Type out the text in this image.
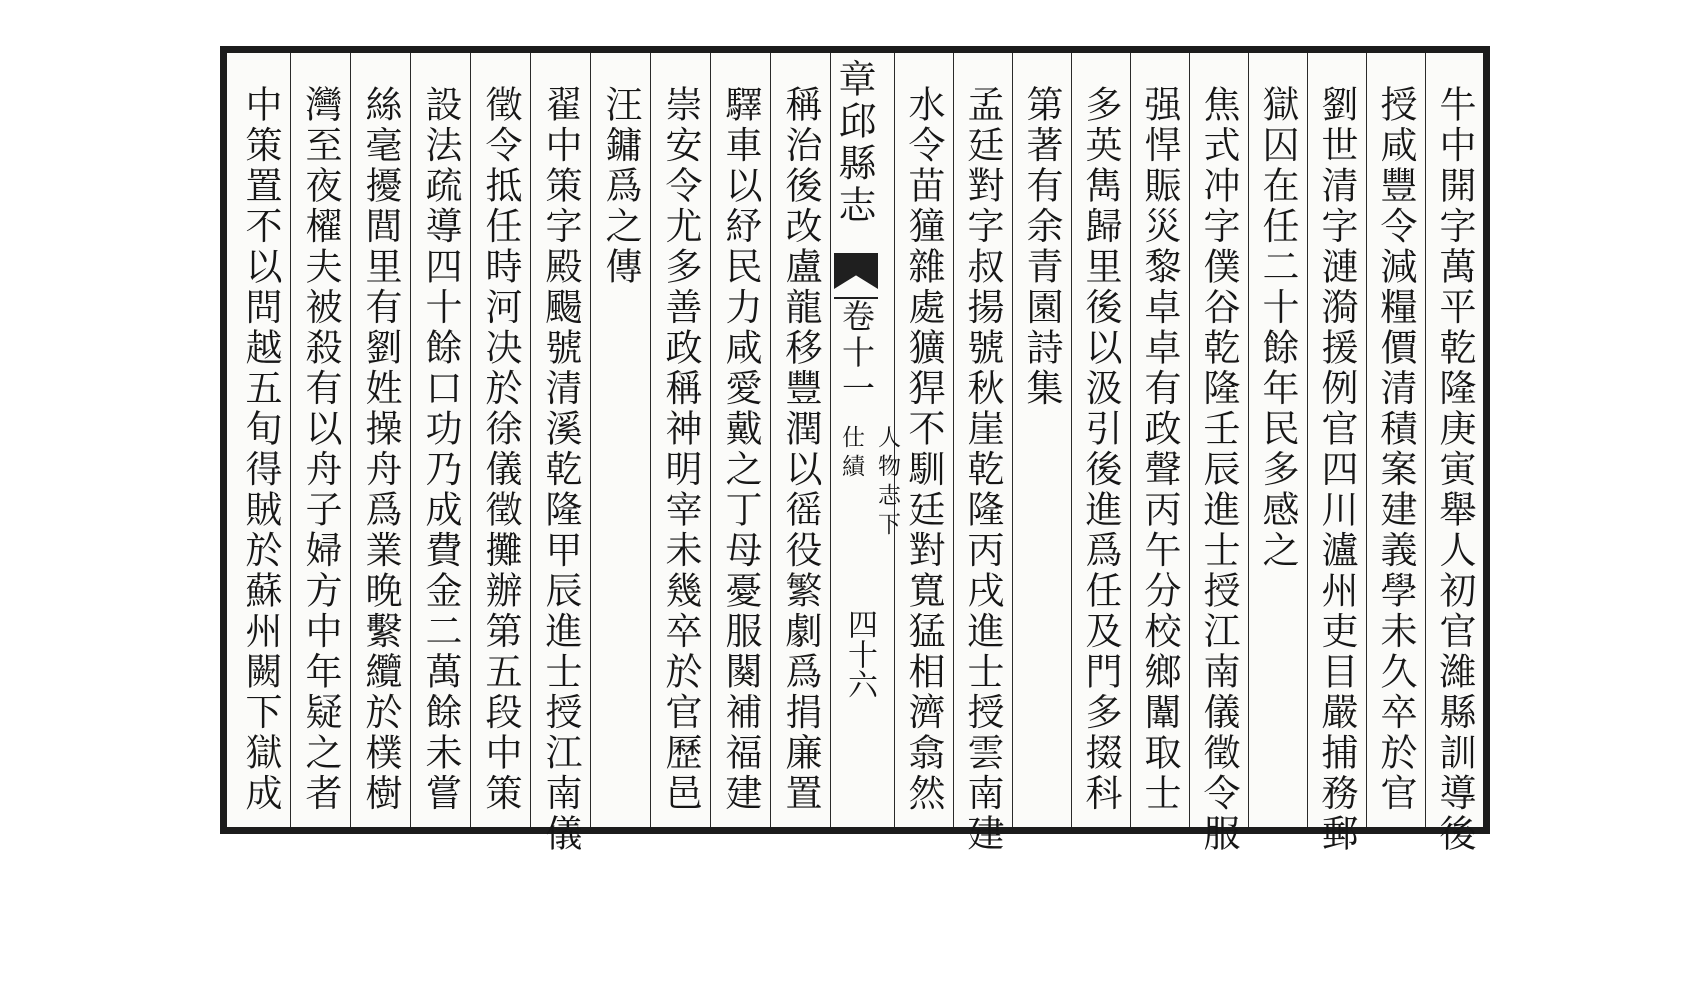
牛中開字萬平乾隆庚寅舉人初官濰縣訓導後
授咸豐令減糧價清積案建義學未久卒於官
劉世清字漣漪援例官四川瀘州吏目嚴捕務郵
獄囚在任二十餘年民多感之
焦式冲字僕谷乾隆壬辰進士授江南儀徵令服
强悍賑災黎卓卓有政聲丙午分校鄉闈取士
多英雋歸里後以汲引後進爲任及門多掇科
第著有余青園詩集
孟廷對字叔揚號秋崖乾隆丙戌進士授雲南建
水令苗獞雜處獷猂不馴廷對寬猛相濟翕然
章邱縣志
卷十一
人物志下
仕績
四十六
稱治後改盧龍移豐潤以徭役繁劇爲捐廉置
驛車以紓民力咸愛戴之丁母憂服闋補福建
崇安令尤多善政稱神明宰未幾卒於官歷邑
汪鏞爲之傳
翟中策字殿颺號清溪乾隆甲辰進士授江南儀
徵令抵任時河决於徐儀徵攤辦第五段中策
設法疏導四十餘口功乃成費金二萬餘未嘗
絲毫擾閭里有劉姓操舟爲業晚繫纜於樸樹
灣至夜櫂夫被殺有以舟子婦方中年疑之者
中策置不以問越五旬得賊於蘇州闕下獄成
